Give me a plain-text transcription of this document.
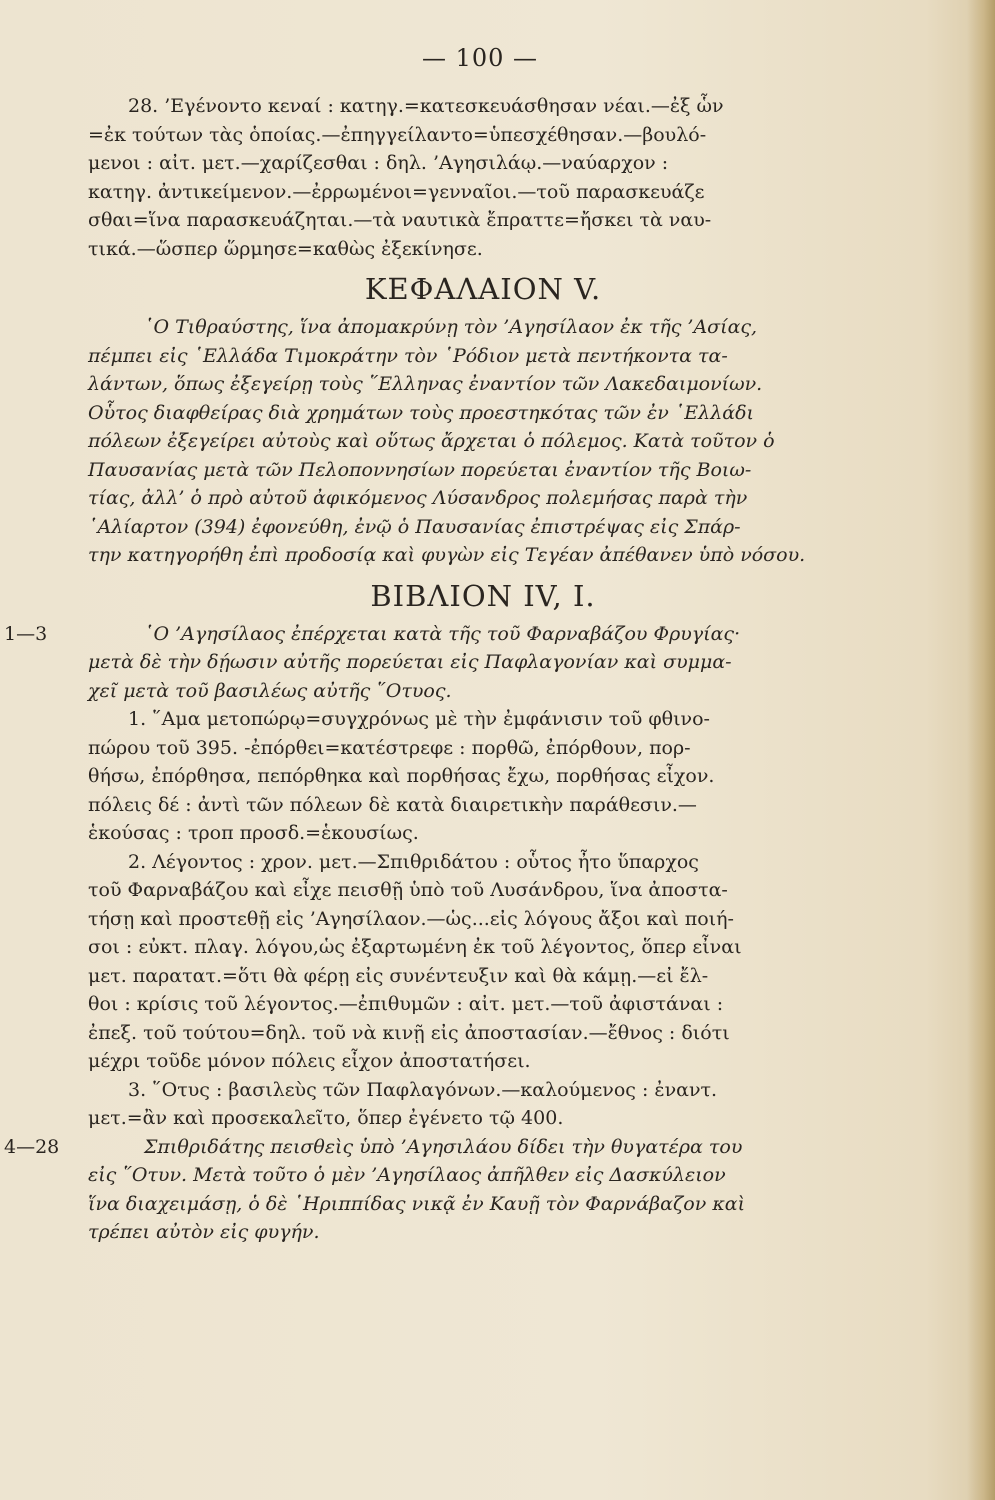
— 100 —

28. ’Εγένοντο κεναί : κατηγ.=κατεσκευάσθησαν νέαι.—ἐξ ὧν

=ἐκ τούτων τὰς ὁποίας.—ἐπηγγείλαντο=ὑπεσχέθησαν.—βουλό-

μενοι : αἰτ. μετ.—χαρίζεσθαι : δηλ. ’Αγησιλάῳ.—ναύαρχον :

κατηγ. ἀντικείμενον.—ἐρρωμένοι=γενναῖοι.—τοῦ παρασκευάζε

σθαι=ἵνα παρασκευάζηται.—τὰ ναυτικὰ ἔπραττε=ἤσκει τὰ ναυ-

τικά.—ὥσπερ ὥρμησε=καθὼς ἐξεκίνησε.

ΚΕΦΑΛΑΙΟΝ V.

῾Ο Τιθραύστης, ἵνα ἀπομακρύνῃ τὸν ’Αγησίλαον ἐκ τῆς ’Ασίας,

πέμπει εἰς ῾Ελλάδα Τιμοκράτην τὸν ῾Ρόδιον μετὰ πεντήκοντα τα-

λάντων, ὅπως ἐξεγείρῃ τοὺς ῞Ελληνας ἐναντίον τῶν Λακεδαιμονίων.

Οὗτος διαφθείρας διὰ χρημάτων τοὺς προεστηκότας τῶν ἐν ῾Ελλάδι

πόλεων ἐξεγείρει αὐτοὺς καὶ οὕτως ἄρχεται ὁ πόλεμος. Κατὰ τοῦτον ὁ

Παυσανίας μετὰ τῶν Πελοποννησίων πορεύεται ἐναντίον τῆς Βοιω-

τίας, ἀλλ’ ὁ πρὸ αὐτοῦ ἀφικόμενος Λύσανδρος πολεμήσας παρὰ τὴν

῾Αλίαρτον (394) ἐφονεύθη, ἐνῷ ὁ Παυσανίας ἐπιστρέψας εἰς Σπάρ-

την κατηγορήθη ἐπὶ προδοσίᾳ καὶ φυγὼν εἰς Τεγέαν ἀπέθανεν ὑπὸ νόσου.

ΒΙΒΛΙΟΝ IV, I.
1—3	῾Ο ’Αγησίλαος ἐπέρχεται κατὰ τῆς τοῦ Φαρναβάζου Φρυγίας·

μετὰ δὲ τὴν δῄωσιν αὐτῆς πορεύεται εἰς Παφλαγονίαν καὶ συμμα-

χεῖ μετὰ τοῦ βασιλέως αὐτῆς ῞Οτυος.

1. ῞Αμα μετοπώρῳ=συγχρόνως μὲ τὴν ἐμφάνισιν τοῦ φθινο-

πώρου τοῦ 395. -ἐπόρθει=κατέστρεφε : πορθῶ, ἐπόρθουν, πορ-

θήσω, ἐπόρθησα, πεπόρθηκα καὶ πορθήσας ἔχω, πορθήσας εἶχον.

πόλεις δέ : ἀντὶ τῶν πόλεων δὲ κατὰ διαιρετικὴν παράθεσιν.—

ἑκούσας : τροπ προσδ.=ἑκουσίως.

2. Λέγοντος : χρον. μετ.—Σπιθριδάτου : οὗτος ἦτο ὕπαρχος

τοῦ Φαρναβάζου καὶ εἶχε πεισθῇ ὑπὸ τοῦ Λυσάνδρου, ἵνα ἀποστα-

τήσῃ καὶ προστεθῇ εἰς ’Αγησίλαον.—ὡς...εἰς λόγους ἄξοι καὶ ποιή-

σοι : εὐκτ. πλαγ. λόγου,ὡς ἐξαρτωμένη ἐκ τοῦ λέγοντος, ὅπερ εἶναι

μετ. παρατατ.=ὅτι θὰ φέρῃ εἰς συνέντευξιν καὶ θὰ κάμῃ.—εἰ ἔλ-

θοι : κρίσις τοῦ λέγοντος.—ἐπιθυμῶν : αἰτ. μετ.—τοῦ ἀφιστάναι :

ἐπεξ. τοῦ τούτου=δηλ. τοῦ νὰ κινῇ εἰς ἀποστασίαν.—ἔθνος : διότι

μέχρι τοῦδε μόνον πόλεις εἶχον ἀποστατήσει.

3. ῞Οτυς : βασιλεὺς τῶν Παφλαγόνων.—καλούμενος : ἐναντ.

μετ.=ἂν καὶ προσεκαλεῖτο, ὅπερ ἐγένετο τῷ 400.

4—28	Σπιθριδάτης πεισθεὶς ὑπὸ ’Αγησιλάου δίδει τὴν θυγατέρα του

εἰς ῞Οτυν. Μετὰ τοῦτο ὁ μὲν ’Αγησίλαος ἀπῆλθεν εἰς Δασκύλειον

ἵνα διαχειμάσῃ, ὁ δὲ ῾Ηριππίδας νικᾷ ἐν Καυῇ τὸν Φαρνάβαζον καὶ

τρέπει αὐτὸν εἰς φυγήν.
